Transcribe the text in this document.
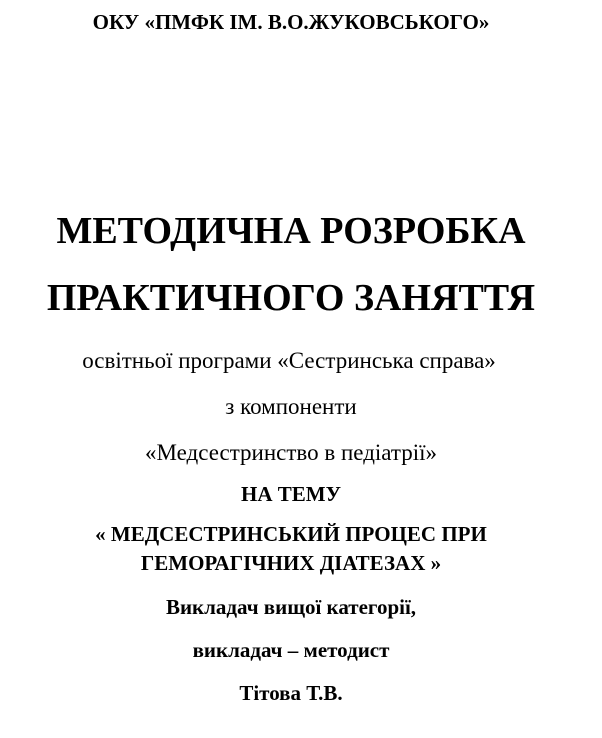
ОКУ «ПМФК ІМ. В.О.ЖУКОВСЬКОГО»
МЕТОДИЧНА РОЗРОБКА
ПРАКТИЧНОГО ЗАНЯТТЯ
освітньої програми «Сестринська справа»
з компоненти
«Медсестринство в педіатрії»
НА ТЕМУ
« МЕДСЕСТРИНСЬКИЙ ПРОЦЕС ПРИ
ГЕМОРАГІЧНИХ ДІАТЕЗАХ »
Викладач вищої категорії,
викладач – методист
Тітова Т.В.
